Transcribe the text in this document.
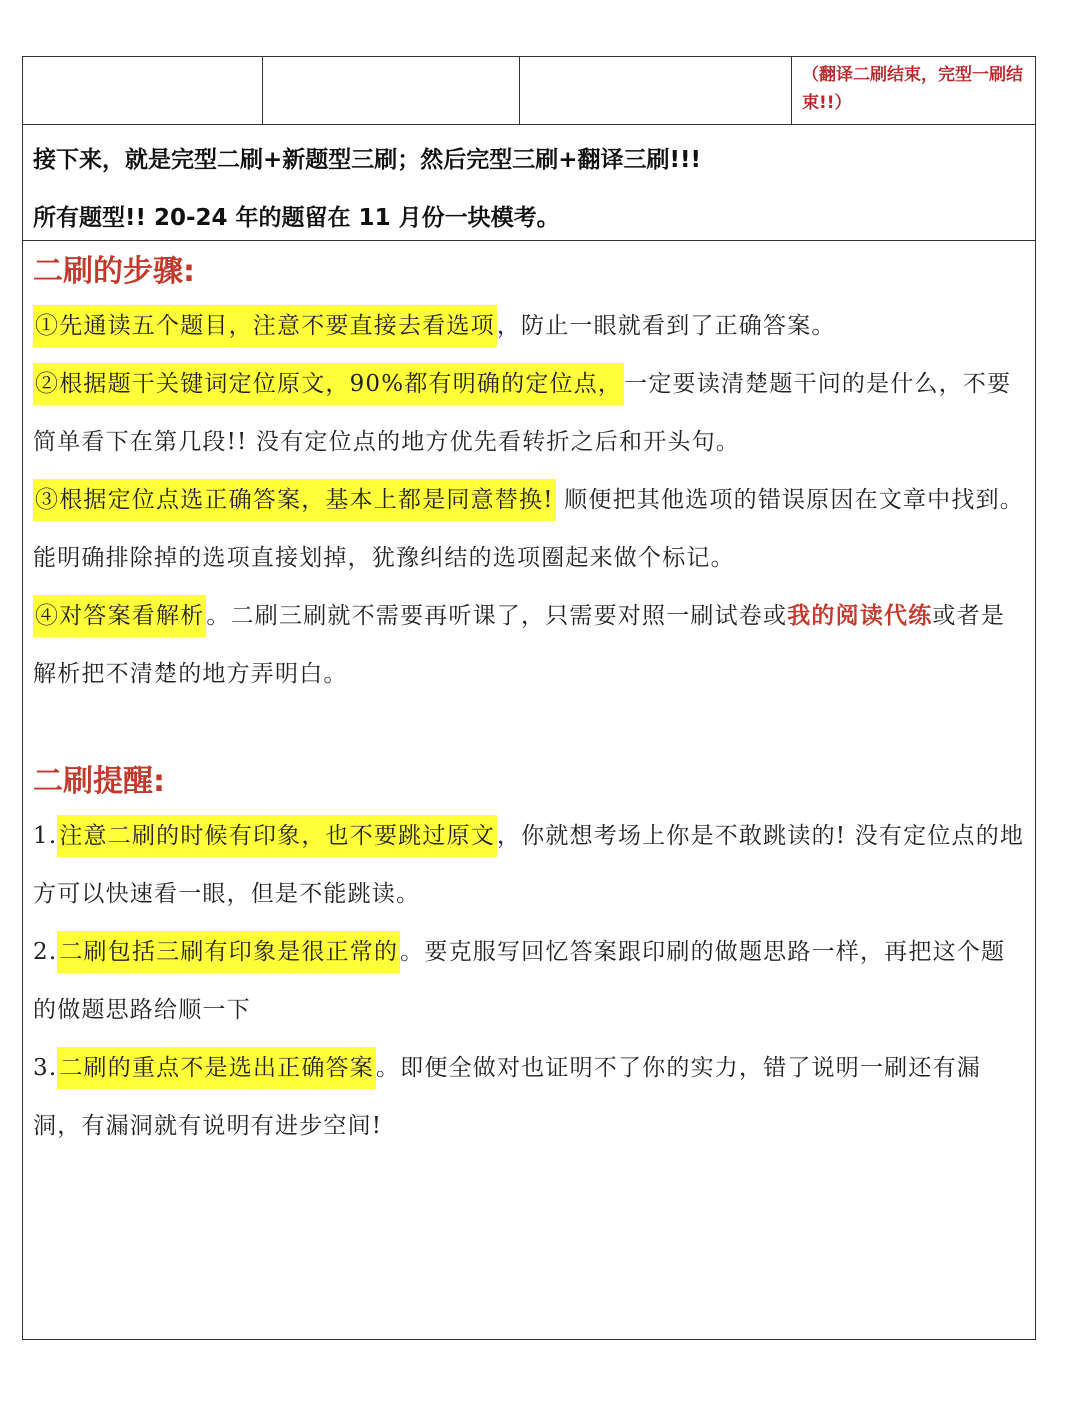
（翻译二刷结束，完型一刷结束!!）
接下来，就是完型二刷+新题型三刷；然后完型三刷+翻译三刷!!!
所有题型!! 20-24 年的题留在 11 月份一块模考。
二刷的步骤:

①先通读五个题目，注意不要直接去看选项，防止一眼就看到了正确答案。

②根据题干关键词定位原文，90%都有明确的定位点，一定要读清楚题干问的是什么，不要简单看下在第几段!! 没有定位点的地方优先看转折之后和开头句。

③根据定位点选正确答案，基本上都是同意替换! 顺便把其他选项的错误原因在文章中找到。能明确排除掉的选项直接划掉，犹豫纠结的选项圈起来做个标记。

④对答案看解析。二刷三刷就不需要再听课了，只需要对照一刷试卷或我的阅读代练或者是解析把不清楚的地方弄明白。

二刷提醒:

1.注意二刷的时候有印象，也不要跳过原文，你就想考场上你是不敢跳读的! 没有定位点的地方可以快速看一眼，但是不能跳读。

2.二刷包括三刷有印象是很正常的。要克服写回忆答案跟印刷的做题思路一样，再把这个题的做题思路给顺一下

3.二刷的重点不是选出正确答案。即便全做对也证明不了你的实力，错了说明一刷还有漏洞，有漏洞就有说明有进步空间!
